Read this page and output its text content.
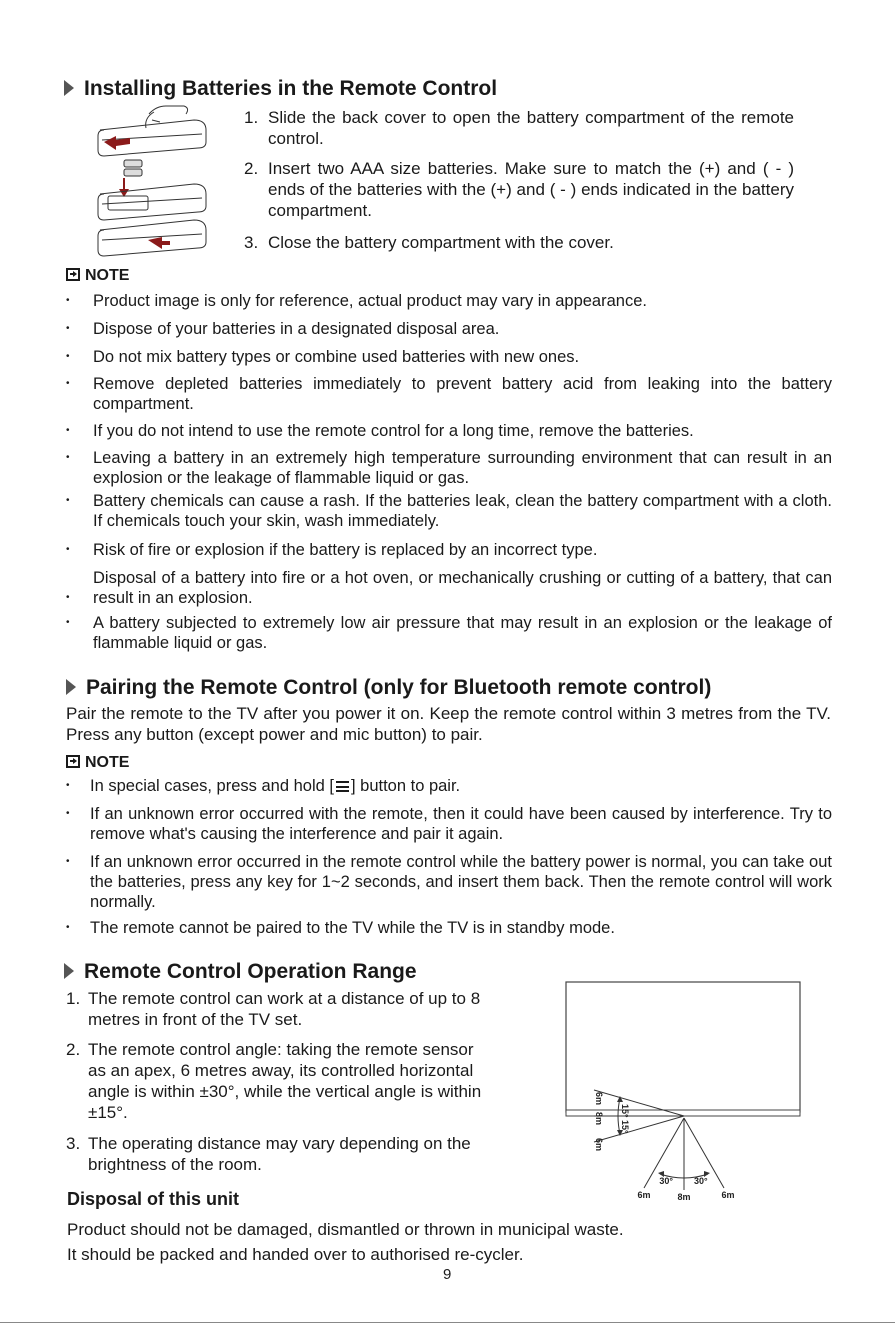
Installing Batteries in the Remote Control
1. Slide the back cover to open the battery compartment of the remote control.
2. Insert two AAA size batteries. Make sure to match the (+) and ( - ) ends of the batteries with the (+) and ( - ) ends indicated in the battery compartment.
3. Close the battery compartment with the cover.
NOTE
• Product image is only for reference, actual product may vary in appearance.
• Dispose of your batteries in a designated disposal area.
• Do not mix battery types or combine used batteries with new ones.
• Remove depleted batteries immediately to prevent battery acid from leaking into the battery compartment.
• If you do not intend to use the remote control for a long time, remove the batteries.
• Leaving a battery in an extremely high temperature surrounding environment that can result in an explosion or the leakage of flammable liquid or gas.
• Battery chemicals can cause a rash. If the batteries leak, clean the battery compartment with a cloth. If chemicals touch your skin, wash immediately.
• Risk of fire or explosion if the battery is replaced by an incorrect type.
•
Disposal of a battery into fire or a hot oven, or mechanically crushing or cutting of a battery, that can result in an explosion.
• A battery subjected to extremely low air pressure that may result in an explosion or the leakage of flammable liquid or gas.
Pairing the Remote Control (only for Bluetooth remote control)
Pair the remote to the TV after you power it on. Keep the remote control within 3 metres from the TV. Press any button (except power and mic button) to pair.
NOTE
• In special cases, press and hold [ ] button to pair.
• If an unknown error occurred with the remote, then it could have been caused by interference. Try to remove what's causing the interference and pair it again.
• If an unknown error occurred in the remote control while the battery power is normal, you can take out the batteries, press any key for 1~2 seconds, and insert them back. Then the remote control will work normally.
• The remote cannot be paired to the TV while the TV is in standby mode.
Remote Control Operation Range
1. The remote control can work at a distance of up to 8 metres in front of the TV set.
2. The remote control angle: taking the remote sensor as an apex, 6 metres away, its controlled horizontal angle is within ±30°, while the vertical angle is within ±15°.
3. The operating distance may vary depending on the brightness of the room.
6m
15°
8m
15°
6m
30° 30°
6m	8m	6m
Disposal of this unit
Product should not be damaged, dismantled or thrown in municipal waste.
It should be packed and handed over to authorised re-cycler.
9
